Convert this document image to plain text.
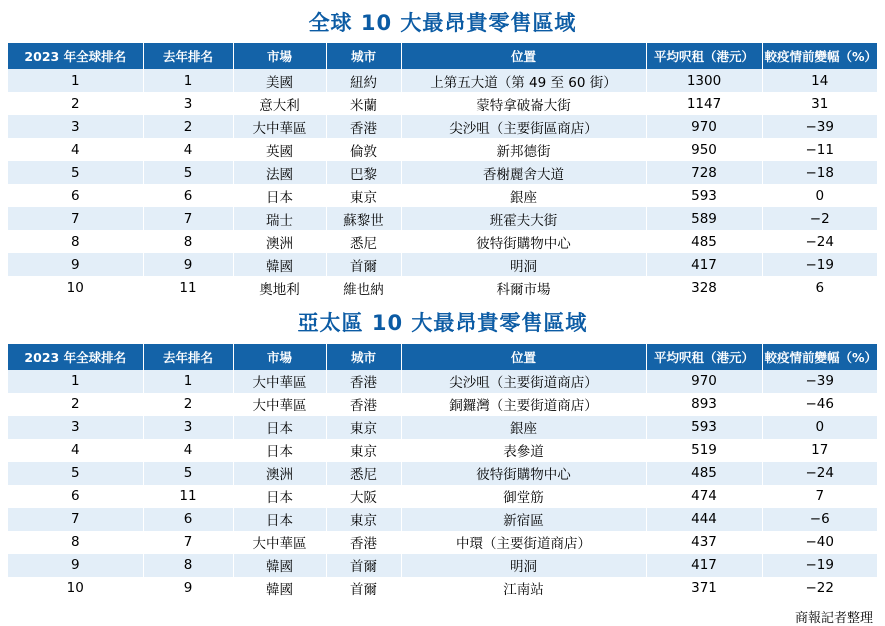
全球 10 大最昂貴零售區域
2023 年全球排名	去年排名	市場	城市	位置	平均呎租（港元）	較疫情前變幅（%）
1	1	美國	紐約	上第五大道（第 49 至 60 街）	1300	14
2	3	意大利	米蘭	蒙特拿破崙大街	1147	31
3	2	大中華區	香港	尖沙咀（主要街區商店）	970	−39
4	4	英國	倫敦	新邦德街	950	−11
5	5	法國	巴黎	香榭麗舍大道	728	−18
6	6	日本	東京	銀座	593	0
7	7	瑞士	蘇黎世	班霍夫大街	589	−2
8	8	澳洲	悉尼	彼特街購物中心	485	−24
9	9	韓國	首爾	明洞	417	−19
10	11	奧地利	維也納	科爾市場	328	6
亞太區 10 大最昂貴零售區域
2023 年全球排名	去年排名	市場	城市	位置	平均呎租（港元）	較疫情前變幅（%）
1	1	大中華區	香港	尖沙咀（主要街道商店）	970	−39
2	2	大中華區	香港	銅鑼灣（主要街道商店）	893	−46
3	3	日本	東京	銀座	593	0
4	4	日本	東京	表參道	519	17
5	5	澳洲	悉尼	彼特街購物中心	485	−24
6	11	日本	大阪	御堂筋	474	7
7	6	日本	東京	新宿區	444	−6
8	7	大中華區	香港	中環（主要街道商店）	437	−40
9	8	韓國	首爾	明洞	417	−19
10	9	韓國	首爾	江南站	371	−22
商報記者整理
